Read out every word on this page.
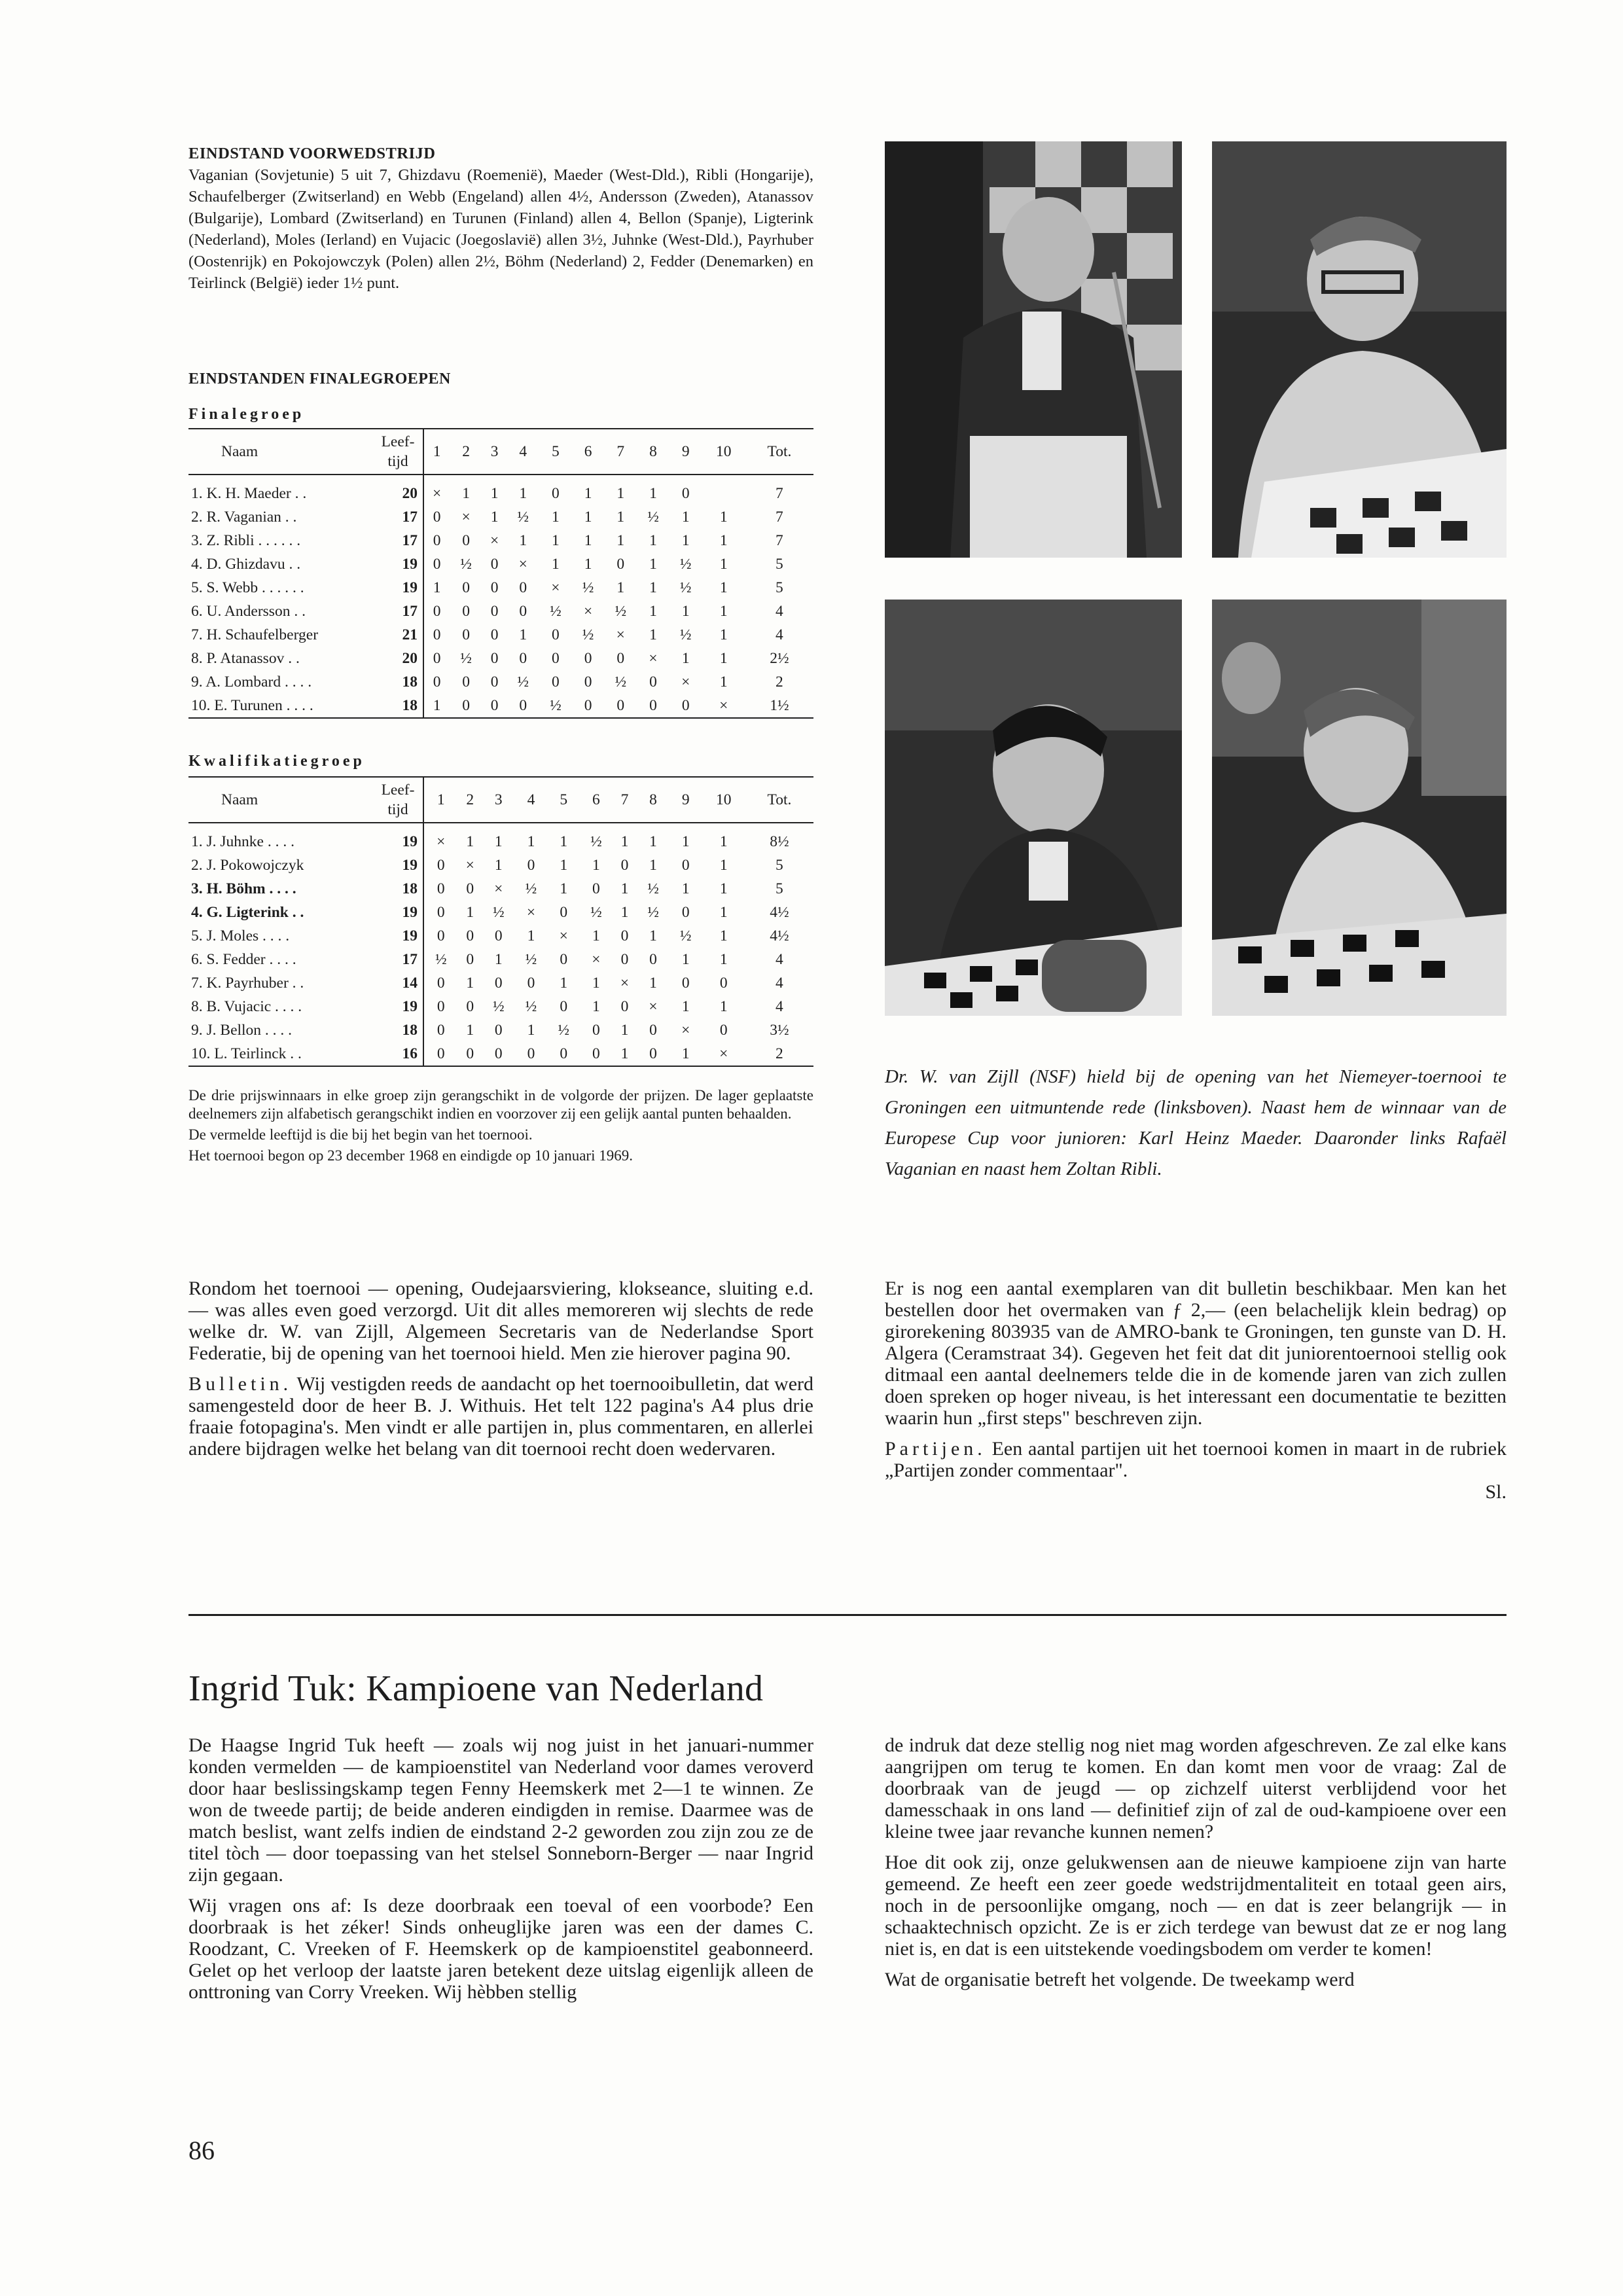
EINDSTAND VOORWEDSTRIJD
Vaganian (Sovjetunie) 5 uit 7, Ghizdavu (Roemenië), Maeder (West-Dld.), Ribli (Hongarije), Schaufelberger (Zwitserland) en Webb (Engeland) allen 4½, Andersson (Zweden), Atanassov (Bulgarije), Lombard (Zwitserland) en Turunen (Finland) allen 4, Bellon (Spanje), Ligterink (Nederland), Moles (Ierland) en Vujacic (Joegoslavië) allen 3½, Juhnke (West-Dld.), Payrhuber (Oostenrijk) en Pokojowczyk (Polen) allen 2½, Böhm (Nederland) 2, Fedder (Denemarken) en Teirlinck (België) ieder 1½ punt.
EINDSTANDEN FINALEGROEPEN
Finalegroep
Naam	Leef-
tijd	1	2	3	4	5	6	7	8	9	10	Tot.
1. K. H. Maeder . .	20	×	1	1	1	0	1	1	1	0		7
2. R. Vaganian . .	17	0	×	1	½	1	1	1	½	1	1	7
3. Z. Ribli . . . . . .	17	0	0	×	1	1	1	1	1	1	1	7
4. D. Ghizdavu . .	19	0	½	0	×	1	1	0	1	½	1	5
5. S. Webb . . . . . .	19	1	0	0	0	×	½	1	1	½	1	5
6. U. Andersson . .	17	0	0	0	0	½	×	½	1	1	1	4
7. H. Schaufelberger	21	0	0	0	1	0	½	×	1	½	1	4
8. P. Atanassov . .	20	0	½	0	0	0	0	0	×	1	1	2½
9. A. Lombard . . . .	18	0	0	0	½	0	0	½	0	×	1	2
10. E. Turunen . . . .	18	1	0	0	0	½	0	0	0	0	×	1½
Kwalifikatiegroep
Naam	Leef-
tijd	1	2	3	4	5	6	7	8	9	10	Tot.
1. J. Juhnke . . . .	19	×	1	1	1	1	½	1	1	1	1	8½
2. J. Pokowojczyk	19	0	×	1	0	1	1	0	1	0	1	5
3. H. Böhm . . . .	18	0	0	×	½	1	0	1	½	1	1	5
4. G. Ligterink . .	19	0	1	½	×	0	½	1	½	0	1	4½
5. J. Moles . . . .	19	0	0	0	1	×	1	0	1	½	1	4½
6. S. Fedder . . . .	17	½	0	1	½	0	×	0	0	1	1	4
7. K. Payrhuber . .	14	0	1	0	0	1	1	×	1	0	0	4
8. B. Vujacic . . . .	19	0	0	½	½	0	1	0	×	1	1	4
9. J. Bellon . . . .	18	0	1	0	1	½	0	1	0	×	0	3½
10. L. Teirlinck . .	16	0	0	0	0	0	0	1	0	1	×	2

De drie prijswinnaars in elke groep zijn gerangschikt in de volgorde der prijzen. De lager geplaatste deelnemers zijn alfabetisch gerangschikt indien en voorzover zij een gelijk aantal punten behaalden.

De vermelde leeftijd is die bij het begin van het toernooi.

Het toernooi begon op 23 december 1968 en eindigde op 10 januari 1969.

Dr. W. van Zijll (NSF) hield bij de opening van het Niemeyer-toernooi te Groningen een uitmuntende rede (linksboven). Naast hem de winnaar van de Europese Cup voor junioren: Karl Heinz Maeder. Daaronder links Rafaël Vaganian en naast hem Zoltan Ribli.

Rondom het toernooi — opening, Oudejaarsviering, klokseance, sluiting e.d. — was alles even goed verzorgd. Uit dit alles memoreren wij slechts de rede welke dr. W. van Zijll, Algemeen Secretaris van de Nederlandse Sport Federatie, bij de opening van het toernooi hield. Men zie hierover pagina 90.

Bulletin. Wij vestigden reeds de aandacht op het toernooibulletin, dat werd samengesteld door de heer B. J. Withuis. Het telt 122 pagina's A4 plus drie fraaie fotopagina's. Men vindt er alle partijen in, plus commentaren, en allerlei andere bijdragen welke het belang van dit toernooi recht doen wedervaren.

Er is nog een aantal exemplaren van dit bulletin beschikbaar. Men kan het bestellen door het overmaken van ƒ 2,— (een belachelijk klein bedrag) op girorekening 803935 van de AMRO-bank te Groningen, ten gunste van D. H. Algera (Ceramstraat 34). Gegeven het feit dat dit juniorentoernooi stellig ook ditmaal een aantal deelnemers telde die in de komende jaren van zich zullen doen spreken op hoger niveau, is het interessant een documentatie te bezitten waarin hun „first steps" beschreven zijn.

Partijen. Een aantal partijen uit het toernooi komen in maart in de rubriek „Partijen zonder commentaar".

Sl.
Ingrid Tuk: Kampioene van Nederland

De Haagse Ingrid Tuk heeft — zoals wij nog juist in het januari-nummer konden vermelden — de kampioenstitel van Nederland voor dames veroverd door haar beslissingskamp tegen Fenny Heemskerk met 2—1 te winnen. Ze won de tweede partij; de beide anderen eindigden in remise. Daarmee was de match beslist, want zelfs indien de eindstand 2-2 geworden zou zijn zou ze de titel tòch — door toepassing van het stelsel Sonneborn-Berger — naar Ingrid zijn gegaan.

Wij vragen ons af: Is deze doorbraak een toeval of een voorbode? Een doorbraak is het zéker! Sinds onheuglijke jaren was een der dames C. Roodzant, C. Vreeken of F. Heemskerk op de kampioenstitel geabonneerd. Gelet op het verloop der laatste jaren betekent deze uitslag eigenlijk alleen de onttroning van Corry Vreeken. Wij hèbben stellig

de indruk dat deze stellig nog niet mag worden afgeschreven. Ze zal elke kans aangrijpen om terug te komen. En dan komt men voor de vraag: Zal de doorbraak van de jeugd — op zichzelf uiterst verblijdend voor het damesschaak in ons land — definitief zijn of zal de oud-kampioene over een kleine twee jaar revanche kunnen nemen?

Hoe dit ook zij, onze gelukwensen aan de nieuwe kampioene zijn van harte gemeend. Ze heeft een zeer goede wedstrijdmentaliteit en totaal geen airs, noch in de persoonlijke omgang, noch — en dat is zeer belangrijk — in schaaktechnisch opzicht. Ze is er zich terdege van bewust dat ze er nog lang niet is, en dat is een uitstekende voedingsbodem om verder te komen!

Wat de organisatie betreft het volgende. De tweekamp werd

86
